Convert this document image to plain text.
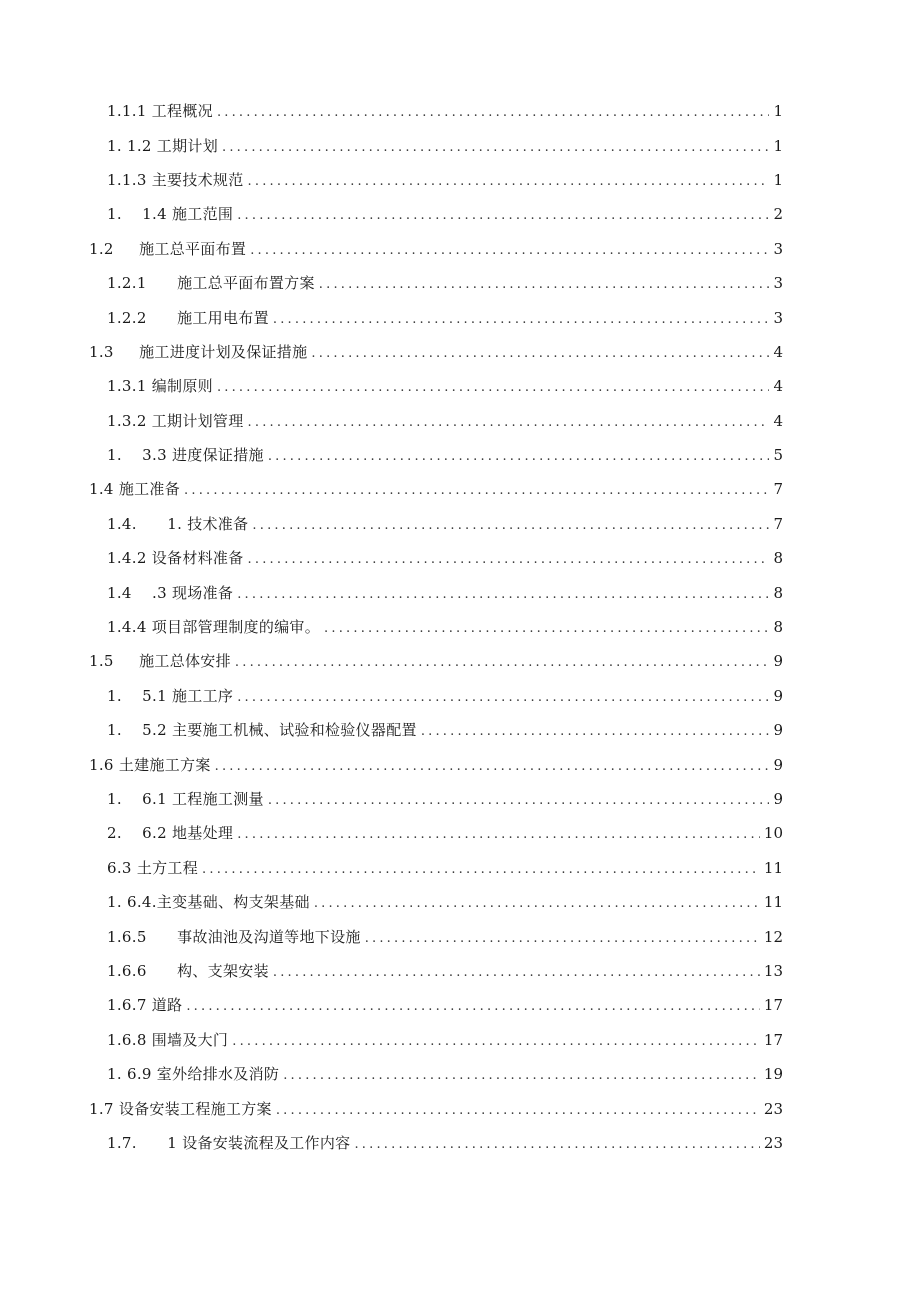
1.1.1 工程概况 .....	1
1. 1.2 工期计划 .....	1
1.1.3 主要技术规范 .....	1
1.    1.4 施工范围 .....	2
1.2     施工总平面布置 .....	3
1.2.1      施工总平面布置方案 .....	3
1.2.2      施工用电布置 .....	3
1.3     施工进度计划及保证措施 .....	4
1.3.1 编制原则 .....	4
1.3.2 工期计划管理 .....	4
1.    3.3 进度保证措施 .....	5
1.4 施工准备 .....	7
1.4.      1. 技术准备 .....	7
1.4.2 设备材料准备 .....	8
1.4    .3 现场准备 .....	8
1.4.4 项目部管理制度的编审。 .....	8
1.5     施工总体安排 .....	9
1.    5.1 施工工序 .....	9
1.    5.2 主要施工机械、试验和检验仪器配置 .....	9
1.6 土建施工方案 .....	9
1.    6.1 工程施工测量 .....	9
2.    6.2 地基处理 .....	10
6.3 土方工程 .....	11
1. 6.4.主变基础、构支架基础 .....	11
1.6.5      事故油池及沟道等地下设施 .....	12
1.6.6      构、支架安装 .....	13
1.6.7 道路 .....	17
1.6.8 围墙及大门 .....	17
1. 6.9 室外给排水及消防 .....	19
1.7 设备安装工程施工方案 .....	23
1.7.      1 设备安装流程及工作内容 .....	23
